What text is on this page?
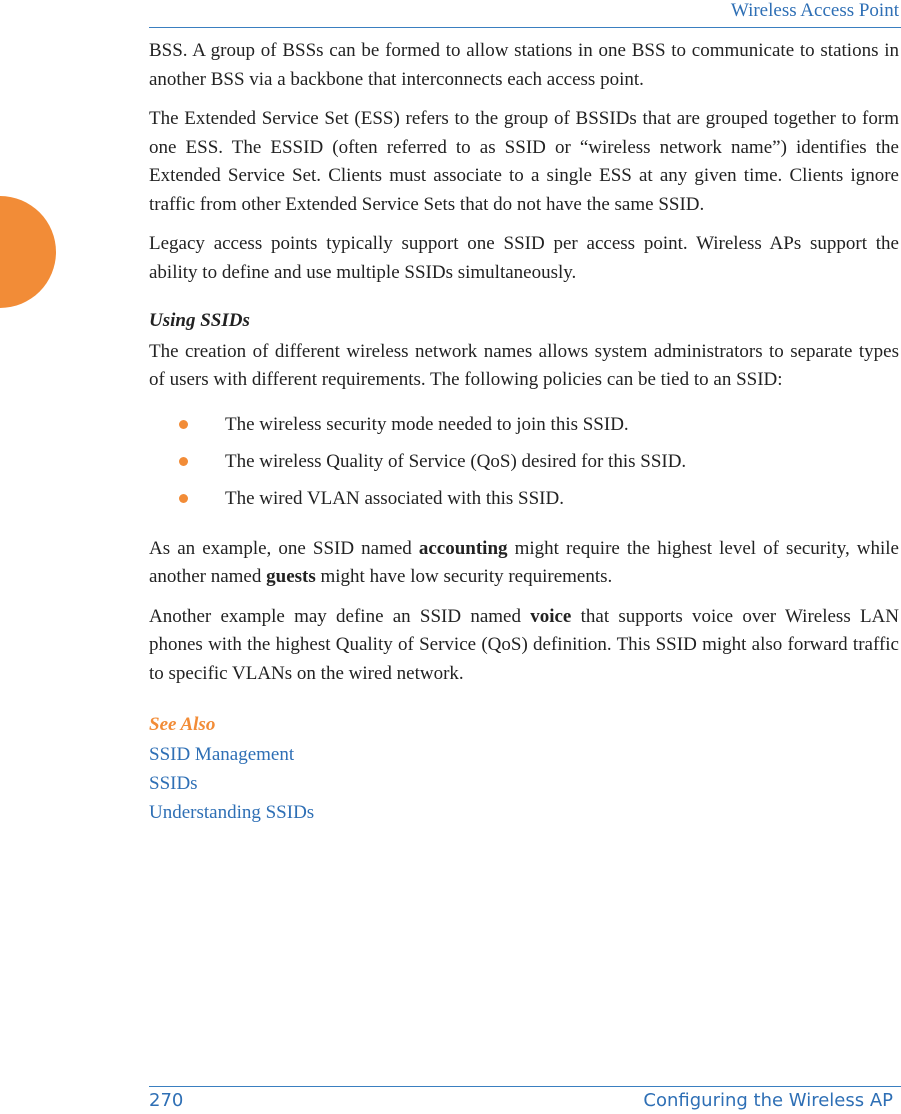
Wireless Access Point

BSS. A group of BSSs can be formed to allow stations in one BSS to communicate to stations in another BSS via a backbone that interconnects each access point.

The Extended Service Set (ESS) refers to the group of BSSIDs that are grouped together to form one ESS. The ESSID (often referred to as SSID or “wireless network name”) identifies the Extended Service Set. Clients must associate to a single ESS at any given time. Clients ignore traffic from other Extended Service Sets that do not have the same SSID.

Legacy access points typically support one SSID per access point. Wireless APs support the ability to define and use multiple SSIDs simultaneously.

Using SSIDs

The creation of different wireless network names allows system administrators to separate types of users with different requirements. The following policies can be tied to an SSID:

The wireless security mode needed to join this SSID.
The wireless Quality of Service (QoS) desired for this SSID.
The wired VLAN associated with this SSID.

As an example, one SSID named accounting might require the highest level of security, while another named guests might have low security requirements.

Another example may define an SSID named voice that supports voice over Wireless LAN phones with the highest Quality of Service (QoS) definition. This SSID might also forward traffic to specific VLANs on the wired network.

See Also
SSID Management
SSIDs
Understanding SSIDs
270	Configuring the Wireless AP
